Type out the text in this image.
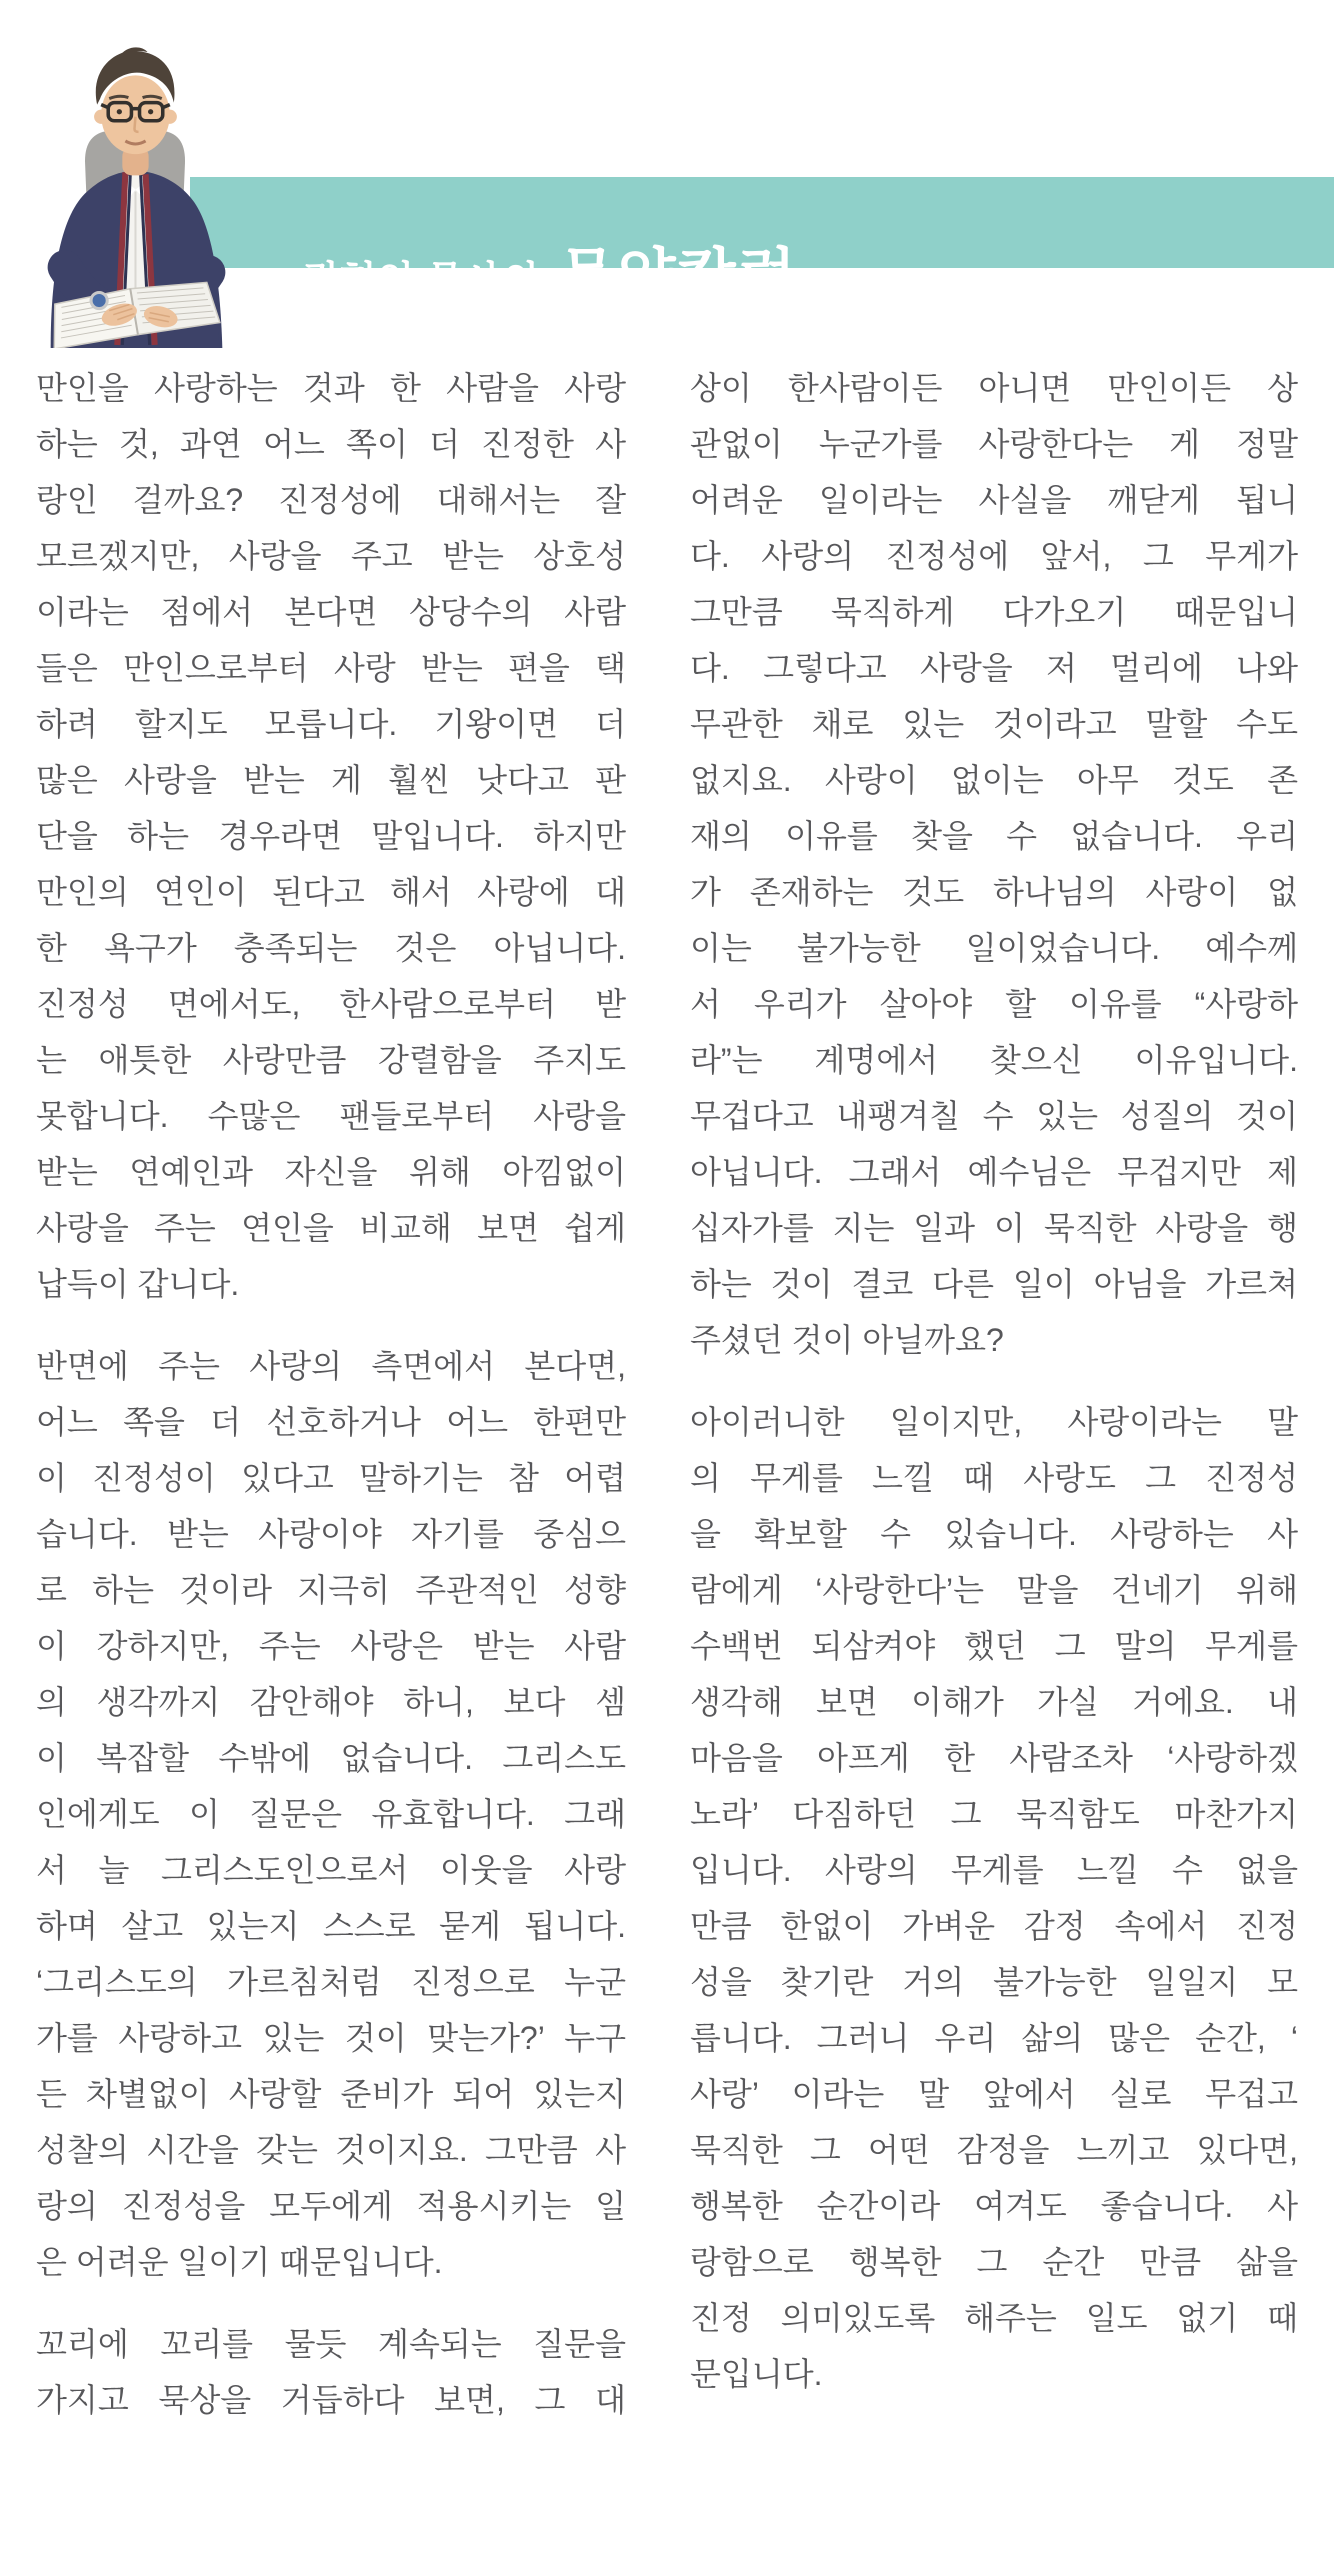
권혁인 목사의 목양칼럼
만인을 사랑하는 것과 한 사람을 사랑
하는 것, 과연 어느 쪽이 더 진정한 사
랑인 걸까요? 진정성에 대해서는 잘
모르겠지만, 사랑을 주고 받는 상호성
이라는 점에서 본다면 상당수의 사람
들은 만인으로부터 사랑 받는 편을 택
하려 할지도 모릅니다. 기왕이면 더
많은 사랑을 받는 게 훨씬 낫다고 판
단을 하는 경우라면 말입니다. 하지만
만인의 연인이 된다고 해서 사랑에 대
한 욕구가 충족되는 것은 아닙니다.
진정성 면에서도, 한사람으로부터 받
는 애틋한 사랑만큼 강렬함을 주지도
못합니다. 수많은 팬들로부터 사랑을
받는 연예인과 자신을 위해 아낌없이
사랑을 주는 연인을 비교해 보면 쉽게
납득이 갑니다.
반면에 주는 사랑의 측면에서 본다면,
어느 쪽을 더 선호하거나 어느 한편만
이 진정성이 있다고 말하기는 참 어렵
습니다. 받는 사랑이야 자기를 중심으
로 하는 것이라 지극히 주관적인 성향
이 강하지만, 주는 사랑은 받는 사람
의 생각까지 감안해야 하니, 보다 셈
이 복잡할 수밖에 없습니다. 그리스도
인에게도 이 질문은 유효합니다. 그래
서 늘 그리스도인으로서 이웃을 사랑
하며 살고 있는지 스스로 묻게 됩니다.
‘그리스도의 가르침처럼 진정으로 누군
가를 사랑하고 있는 것이 맞는가?’ 누구
든 차별없이 사랑할 준비가 되어 있는지
성찰의 시간을 갖는 것이지요. 그만큼 사
랑의 진정성을 모두에게 적용시키는 일
은 어려운 일이기 때문입니다.
꼬리에 꼬리를 물듯 계속되는 질문을
가지고 묵상을 거듭하다 보면, 그 대
상이 한사람이든 아니면 만인이든 상
관없이 누군가를 사랑한다는 게 정말
어려운 일이라는 사실을 깨닫게 됩니
다. 사랑의 진정성에 앞서, 그 무게가
그만큼 묵직하게 다가오기 때문입니
다. 그렇다고 사랑을 저 멀리에 나와
무관한 채로 있는 것이라고 말할 수도
없지요. 사랑이 없이는 아무 것도 존
재의 이유를 찾을 수 없습니다. 우리
가 존재하는 것도 하나님의 사랑이 없
이는 불가능한 일이었습니다. 예수께
서 우리가 살아야 할 이유를 “사랑하
라”는 계명에서 찾으신 이유입니다.
무겁다고 내팽겨칠 수 있는 성질의 것이
아닙니다. 그래서 예수님은 무겁지만 제
십자가를 지는 일과 이 묵직한 사랑을 행
하는 것이 결코 다른 일이 아님을 가르쳐
주셨던 것이 아닐까요?
아이러니한 일이지만, 사랑이라는 말
의 무게를 느낄 때 사랑도 그 진정성
을 확보할 수 있습니다. 사랑하는 사
람에게 ‘사랑한다’는 말을 건네기 위해
수백번 되삼켜야 했던 그 말의 무게를
생각해 보면 이해가 가실 거에요. 내
마음을 아프게 한 사람조차 ‘사랑하겠
노라’ 다짐하던 그 묵직함도 마찬가지
입니다. 사랑의 무게를 느낄 수 없을
만큼 한없이 가벼운 감정 속에서 진정
성을 찾기란 거의 불가능한 일일지 모
릅니다. 그러니 우리 삶의 많은 순간, ‘
사랑’ 이라는 말 앞에서 실로 무겁고
묵직한 그 어떤 감정을 느끼고 있다면,
행복한 순간이라 여겨도 좋습니다. 사
랑함으로 행복한 그 순간 만큼 삶을
진정 의미있도록 해주는 일도 없기 때
문입니다.
